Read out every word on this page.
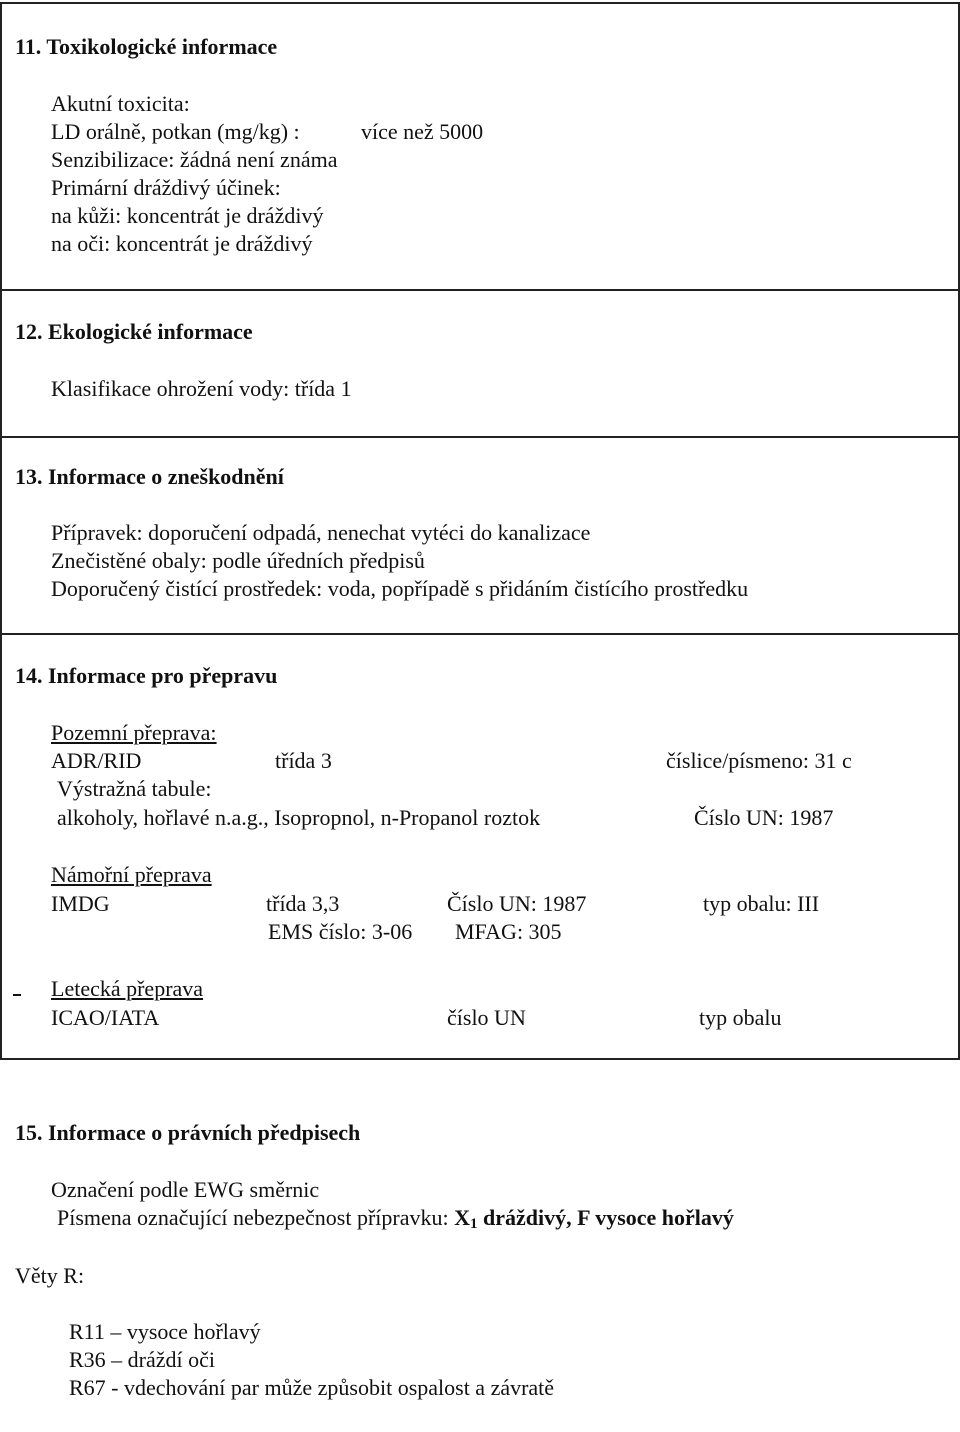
11. Toxikologické informace
Akutní toxicita:
LD orálně, potkan (mg/kg) :	více než 5000
Senzibilizace: žádná není známa
Primární dráždivý účinek:
na kůži: koncentrát je dráždivý
na oči: koncentrát je dráždivý
12. Ekologické informace
Klasifikace ohrožení vody: třída 1
13. Informace o zneškodnění
Přípravek: doporučení odpadá, nenechat vytéci do kanalizace
Znečistěné obaly: podle úředních předpisů
Doporučený čistící prostředek: voda, popřípadě s přidáním čistícího prostředku
14. Informace pro přepravu
Pozemní přeprava:
ADR/RID	třída 3	číslice/písmeno: 31 c
Výstražná tabule:
alkoholy, hořlavé n.a.g., Isopropnol, n-Propanol roztok	Číslo UN: 1987
Námořní přeprava
IMDG	třída 3,3	Číslo UN: 1987	typ obalu: III
EMS číslo: 3-06 MFAG: 305
Letecká přeprava
ICAO/IATA	číslo UN	typ obalu
15. Informace o právních předpisech
Označení podle EWG směrnic
Písmena označující nebezpečnost přípravku: $X_1$ dráždivý, F vysoce hořlavý
Věty R:
R11 – vysoce hořlavý
R36 – dráždí oči
R67 - vdechování par může způsobit ospalost a závratě
